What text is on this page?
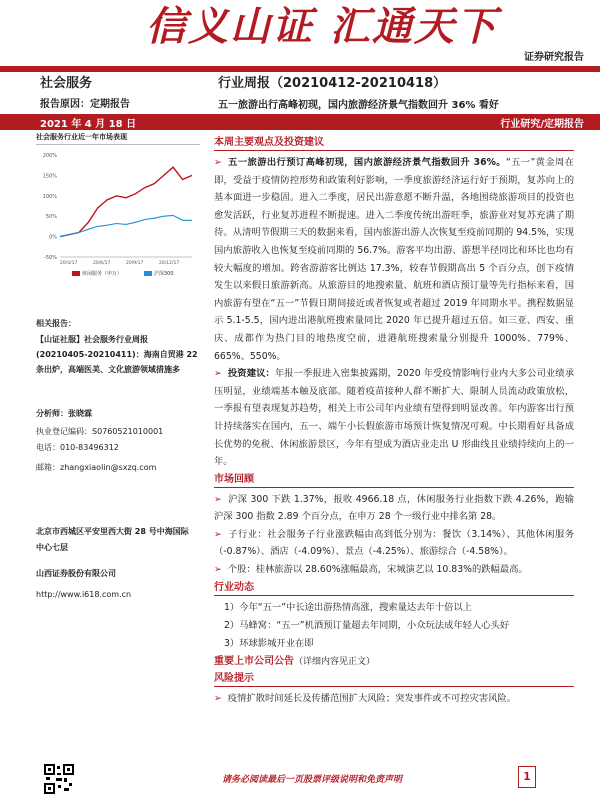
信义山证 汇通天下
证券研究报告
社会服务
报告原因：定期报告
行业周报（20210412-20210418）
五一旅游出行高峰初现，国内旅游经济景气指数回升 36% 看好
2021 年 4 月 18 日	行业研究/定期报告
社会服务行业近一年市场表现
200%
150%
100%
50%
0%
-50%
20/4/17	20/6/17	20/9/17	20/12/17
休闲服务（申万）	沪深300
相关报告：
【山证社服】社会服务行业周报(20210405-20210411)：海南自贸港 22 条出炉，高端医美、文化旅游领域措施多
分析师：张晓霖
执业登记编码：S0760521010001
电话：010-83496312
邮箱：zhangxiaolin@sxzq.com
北京市西城区平安里西大街 28 号中海国际中心七层
山西证券股份有限公司
http://www.i618.com.cn
本周主要观点及投资建议
➢ 五一旅游出行预订高峰初现，国内旅游经济景气指数回升 36%。“五一”黄金周在即，受益于疫情防控形势和政策利好影响，一季度旅游经济运行好于预期，复苏向上的基本面进一步稳固。进入二季度，居民出游意愿不断升温，各地围绕旅游项目的投资也愈发活跃，行业复苏进程不断提速。进入二季度传统出游旺季，旅游业对复苏充满了期待。从清明节假期三天的数据来看，国内旅游出游人次恢复至疫前同期的 94.5%，实现国内旅游收入也恢复至疫前同期的 56.7%。游客平均出游、游想半径同比和环比也均有较大幅度的增加。跨省游游客比例达 17.3%，较春节假期高出 5 个百分点，创下疫情发生以来假日旅游新高。从旅游目的地搜索量、航班和酒店预订量等先行指标来看，国内旅游有望在“五一”节假日期间接近或者恢复或者超过 2019 年同期水平。携程数据显示 5.1-5.5，国内进出港航班搜索量同比 2020 年已提升超过五倍。如三亚、西安、重庆、成都作为热门目的地热度空前，进港航班搜索量分别提升 1000%、779%、665%、550%。
➢ 投资建议：年报一季报进入密集披露期，2020 年受疫情影响行业内大多公司业绩承压明显，业绩端基本触及底部。随着疫苗接种人群不断扩大、限制人员流动政策放松，一季报有望表现复苏趋势，相关上市公司年内业绩有望得到明显改善。年内游客出行预计持续落实在国内，五一、端午小长假旅游市场预计恢复情况可观。中长期看好具备成长优势的免税、休闲旅游景区，今年有望成为酒店业走出 U 形曲线且业绩持续向上的一年。
市场回顾
➢ 沪深 300 下跌 1.37%，报收 4966.18 点，休闲服务行业指数下跌 4.26%，跑输沪深 300 指数 2.89 个百分点，在申万 28 个一级行业中排名第 28。
➢ 子行业：社会服务子行业涨跌幅由高到低分别为：餐饮（3.14%）、其他休闲服务（-0.87%）、酒店（-4.09%）、景点（-4.25%）、旅游综合（-4.58%）。
➢ 个股：桂林旅游以 28.60%涨幅最高，宋城演艺以 10.83%的跌幅最高。
行业动态
1）今年“五一”中长途出游热情高涨，搜索量达去年十倍以上
2）马蜂窝：“五一”机酒预订量超去年同期，小众玩法成年轻人心头好
3）环球影城开业在即
重要上市公司公告（详细内容见正文）
风险提示
➢ 疫情扩散时间延长及传播范围扩大风险；突发事件或不可控灾害风险。
请务必阅读最后一页股票评级说明和免责声明	1
